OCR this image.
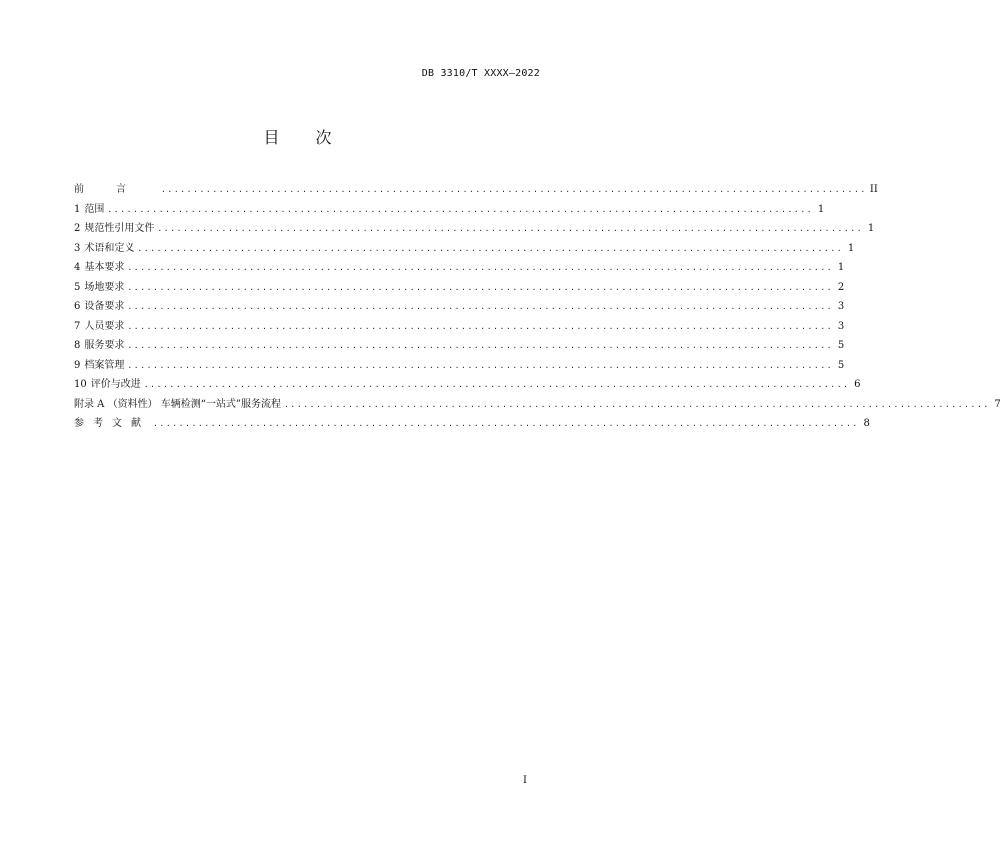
DB 3310/T XXXX—2022
目 次
前言 .............................................................................................................. II
1 范围 .............................................................................................................. 1
2 规范性引用文件 .............................................................................................................. 1
3 术语和定义 .............................................................................................................. 1
4 基本要求 .............................................................................................................. 1
5 场地要求 .............................................................................................................. 2
6 设备要求 .............................................................................................................. 3
7 人员要求 .............................................................................................................. 3
8 服务要求 .............................................................................................................. 5
9 档案管理 .............................................................................................................. 5
10 评价与改进 .............................................................................................................. 6
附录 A （资料性） 车辆检测“一站式”服务流程 .............................................................................................................. 7
参考文献 .............................................................................................................. 8
I
